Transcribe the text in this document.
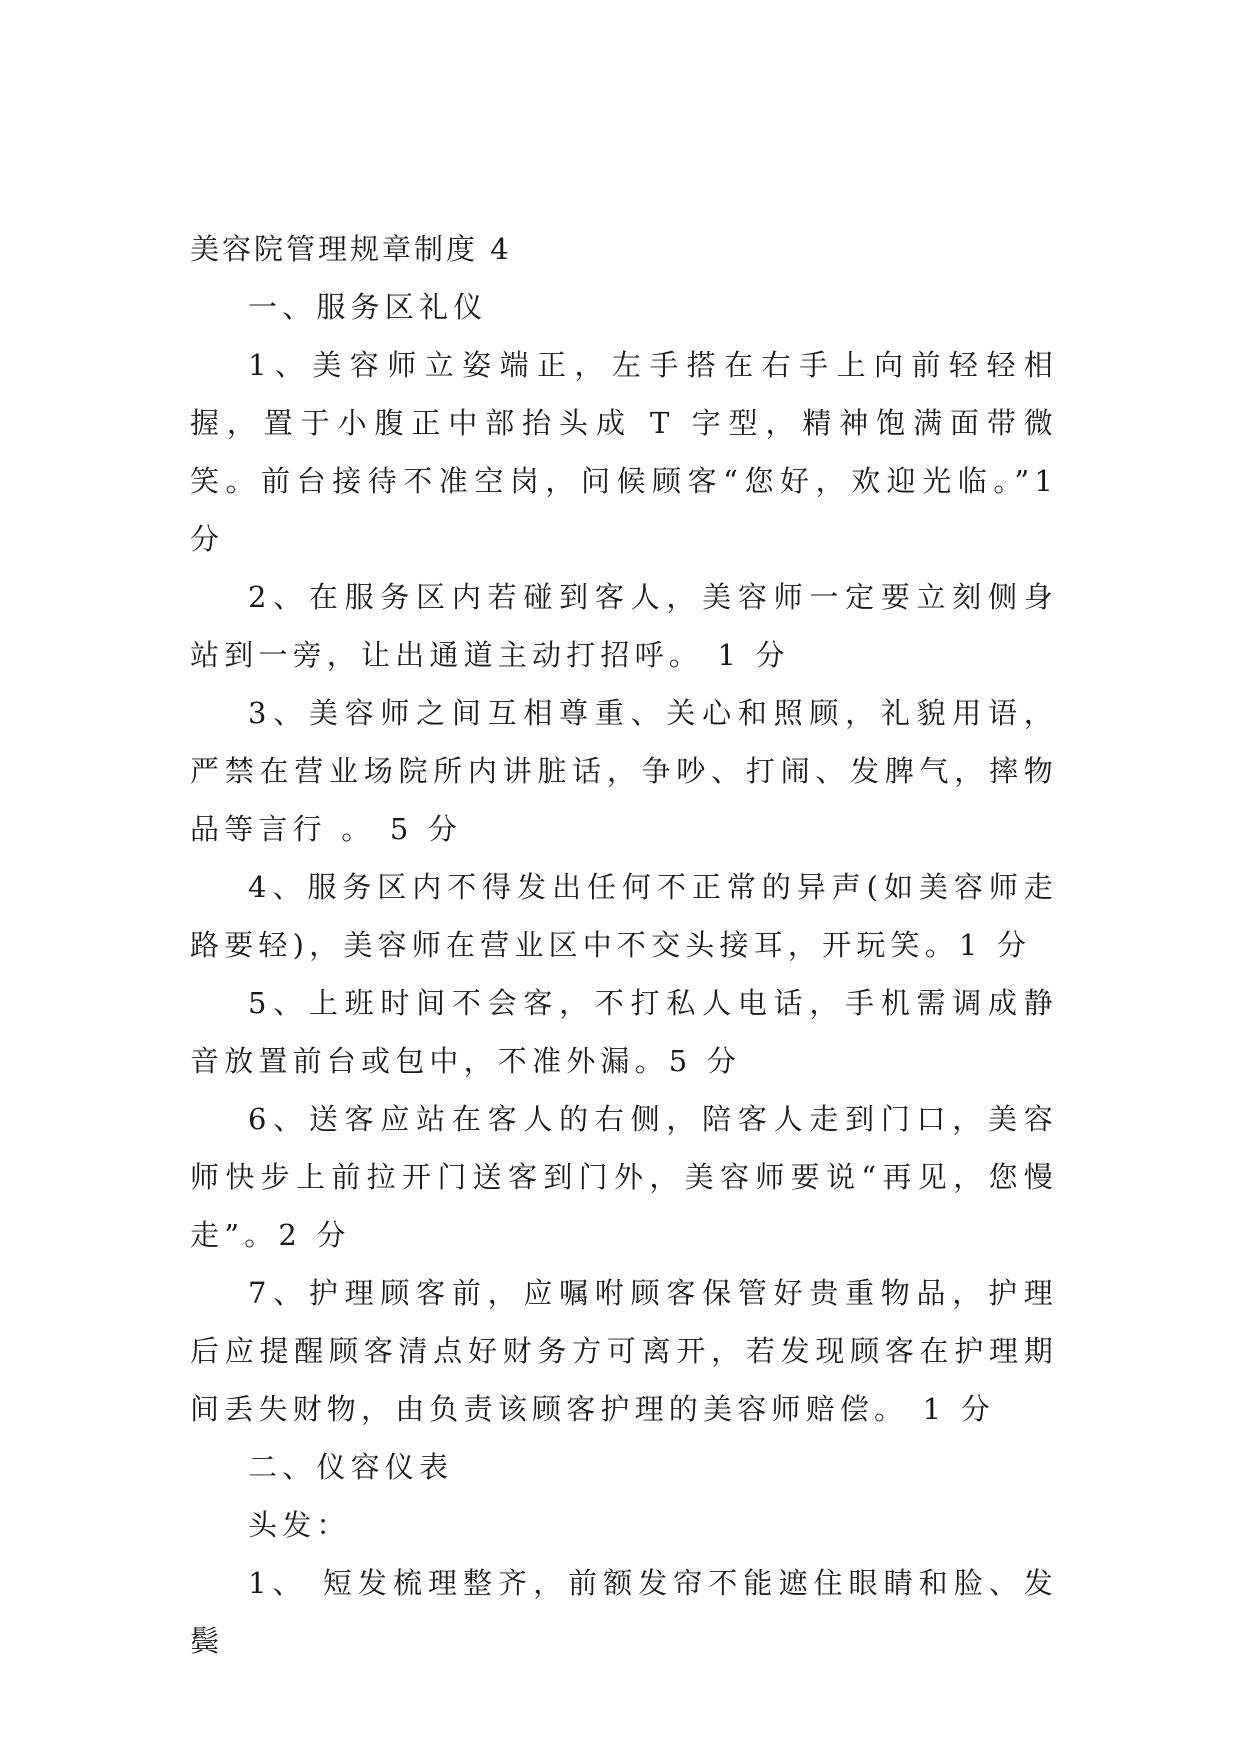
美容院管理规章制度 4

一、服务区礼仪

1、美容师立姿端正，左手搭在右手上向前轻轻相握，置于小腹正中部抬头成 T 字型，精神饱满面带微笑。前台接待不准空岗，问候顾客“您好，欢迎光临。”1 分

2、在服务区内若碰到客人，美容师一定要立刻侧身站到一旁，让出通道主动打招呼。 1 分

3、美容师之间互相尊重、关心和照顾，礼貌用语，严禁在营业场院所内讲脏话，争吵、打闹、发脾气，摔物品等言行 。 5 分

4、服务区内不得发出任何不正常的异声(如美容师走路要轻)，美容师在营业区中不交头接耳，开玩笑。1 分

5、上班时间不会客，不打私人电话，手机需调成静音放置前台或包中，不准外漏。5 分

6、送客应站在客人的右侧，陪客人走到门口，美容师快步上前拉开门送客到门外，美容师要说“再见，您慢走”。2 分

7、护理顾客前，应嘱咐顾客保管好贵重物品，护理后应提醒顾客清点好财务方可离开，若发现顾客在护理期间丢失财物，由负责该顾客护理的美容师赔偿。 1 分

二、仪容仪表

头发：

1、 短发梳理整齐，前额发帘不能遮住眼睛和脸、发鬓
